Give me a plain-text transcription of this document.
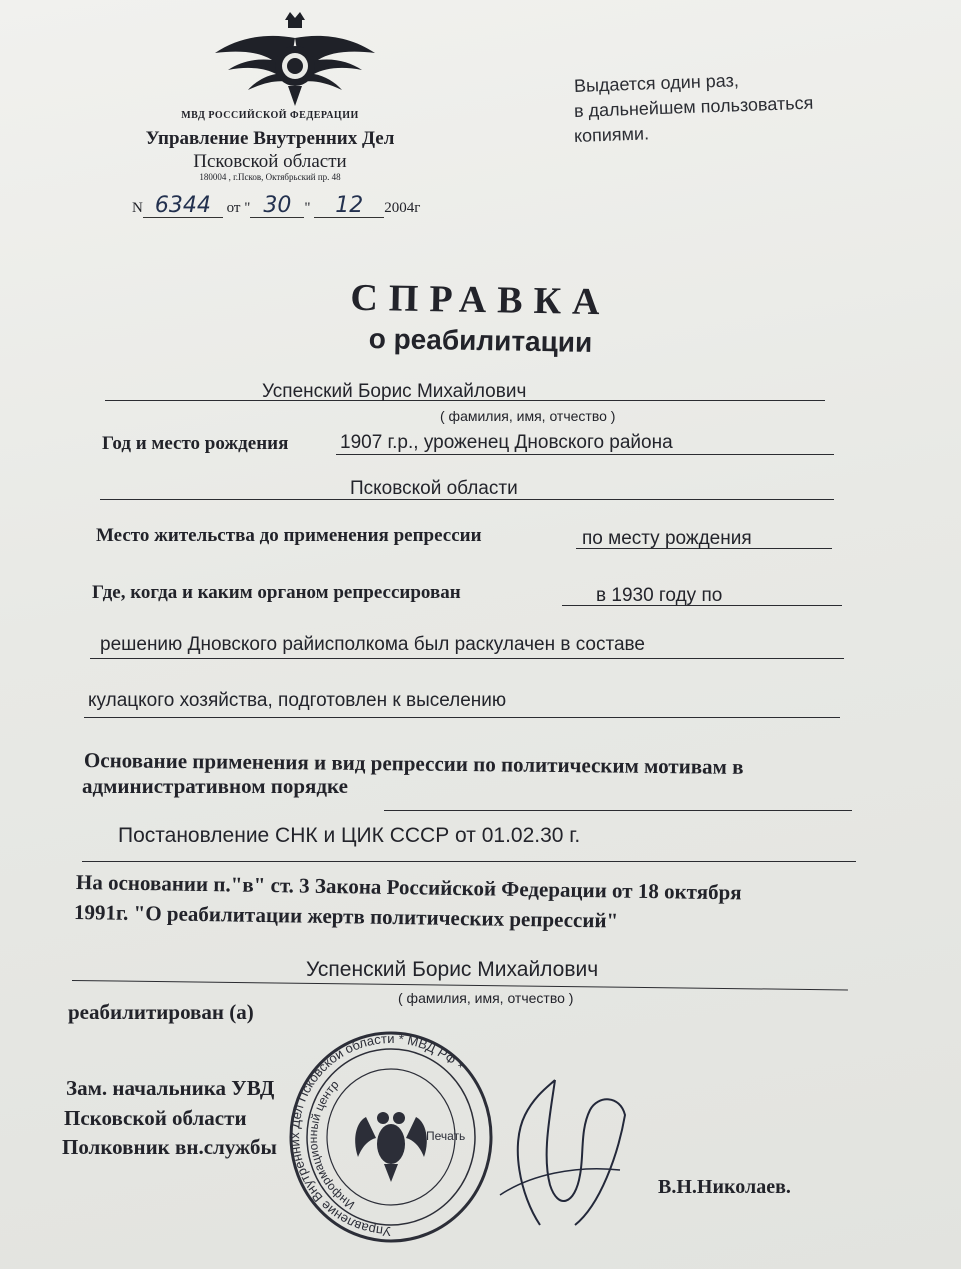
МВД РОССИЙСКОЙ ФЕДЕРАЦИИ
Управление Внутренних Дел
Псковской области
180004 , г.Псков, Октябрьский пр. 48
N 6344 от " 30 " 12 2004г
Выдается один раз,
в дальнейшем пользоваться
копиями.
СПРАВКА
о реабилитации
Успенский Борис Михайлович
( фамилия, имя, отчество )
Год и место рождения	1907 г.р., уроженец Дновского района
Псковской области
Место жительства до применения репрессии	по месту рождения
Где, когда и каким органом репрессирован	в 1930 году по
решению Дновского райисполкома был раскулачен в составе
кулацкого хозяйства, подготовлен к выселению
Основание применения и вид репрессии по политическим мотивам в
административном порядке
Постановление СНК и ЦИК СССР от 01.02.30 г.
На основании п."в" ст. 3 Закона Российской Федерации от 18 октября
1991г. "О реабилитации жертв политических репрессий"
Успенский Борис Михайлович
( фамилия, имя, отчество )
реабилитирован (а)
Зам. начальника УВД
Псковской области
Полковник вн.службы
В.Н.Николаев.
Управление Внутренних Дел Псковской области * МВД РФ *
Информационный центр
Печать
